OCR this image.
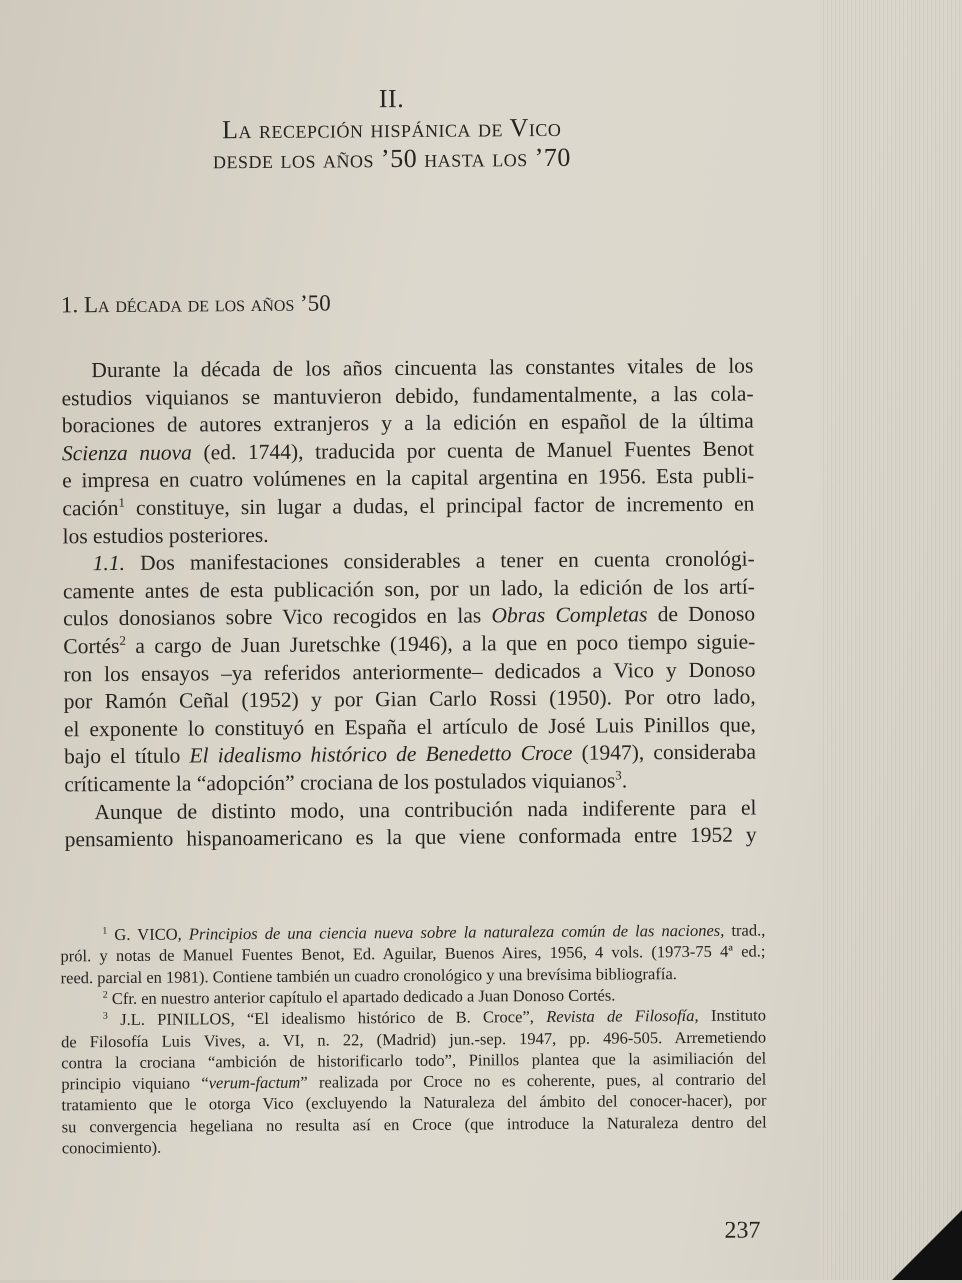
II.
La recepción hispánica de Vico
desde los años ’50 hasta los ’70
1. La década de los años ’50
Durante la década de los años cincuenta las constantes vitales de los
estudios viquianos se mantuvieron debido, fundamentalmente, a las cola-
boraciones de autores extranjeros y a la edición en español de la última
Scienza nuova (ed. 1744), traducida por cuenta de Manuel Fuentes Benot
e impresa en cuatro volúmenes en la capital argentina en 1956. Esta publi-
cación$^1$ constituye, sin lugar a dudas, el principal factor de incremento en
los estudios posteriores.
1.1. Dos manifestaciones considerables a tener en cuenta cronológi-
camente antes de esta publicación son, por un lado, la edición de los artí-
culos donosianos sobre Vico recogidos en las Obras Completas de Donoso
Cortés$^2$ a cargo de Juan Juretschke (1946), a la que en poco tiempo siguie-
ron los ensayos –ya referidos anteriormente– dedicados a Vico y Donoso
por Ramón Ceñal (1952) y por Gian Carlo Rossi (1950). Por otro lado,
el exponente lo constituyó en España el artículo de José Luis Pinillos que,
bajo el título El idealismo histórico de Benedetto Croce (1947), consideraba
críticamente la “adopción” crociana de los postulados viquianos$^3$.
Aunque de distinto modo, una contribución nada indiferente para el
pensamiento hispanoamericano es la que viene conformada entre 1952 y
$^1$ G. VICO, Principios de una ciencia nueva sobre la naturaleza común de las naciones, trad.,
pról. y notas de Manuel Fuentes Benot, Ed. Aguilar, Buenos Aires, 1956, 4 vols. (1973-75 4ª ed.;
reed. parcial en 1981). Contiene también un cuadro cronológico y una brevísima bibliografía.
$^2$ Cfr. en nuestro anterior capítulo el apartado dedicado a Juan Donoso Cortés.
$^3$ J.L. PINILLOS, “El idealismo histórico de B. Croce”, Revista de Filosofía, Instituto
de Filosofía Luis Vives, a. VI, n. 22, (Madrid) jun.-sep. 1947, pp. 496-505. Arremetiendo
contra la crociana “ambición de historificarlo todo”, Pinillos plantea que la asimiliación del
principio viquiano “verum-factum” realizada por Croce no es coherente, pues, al contrario del
tratamiento que le otorga Vico (excluyendo la Naturaleza del ámbito del conocer-hacer), por
su convergencia hegeliana no resulta así en Croce (que introduce la Naturaleza dentro del
conocimiento).
237
